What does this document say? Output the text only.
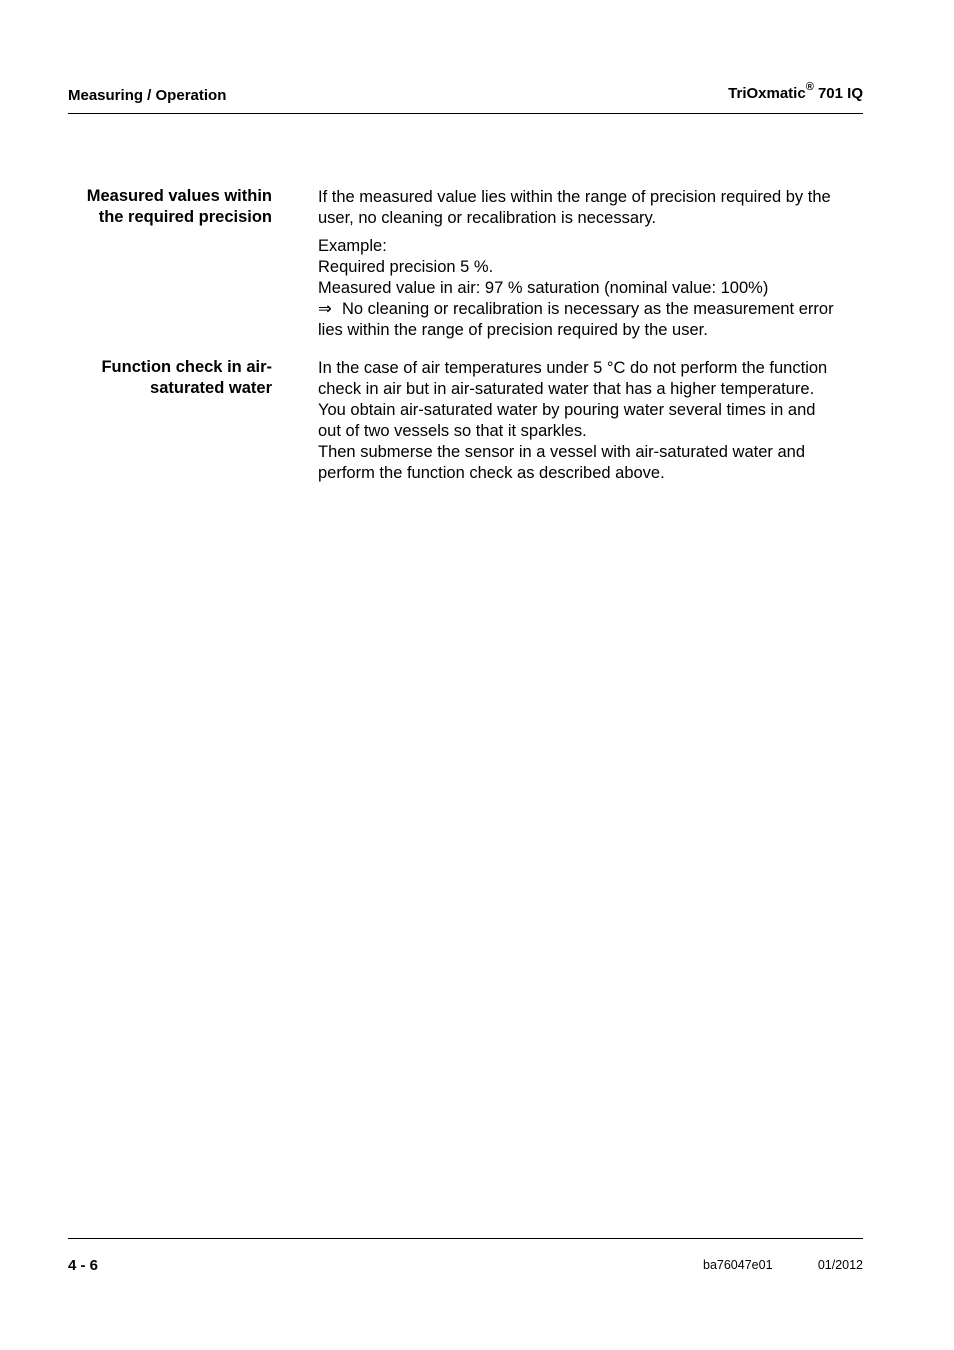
Measuring / Operation	TriOxmatic® 701 IQ
Measured values within
the required precision
If the measured value lies within the range of precision required by the
user, no cleaning or recalibration is necessary.
Example:
Required precision 5 %.
Measured value in air: 97 % saturation (nominal value: 100%)
⇒ No cleaning or recalibration is necessary as the measurement error
lies within the range of precision required by the user.
Function check in air-
saturated water
In the case of air temperatures under 5 °C do not perform the function
check in air but in air-saturated water that has a higher temperature.
You obtain air-saturated water by pouring water several times in and
out of two vessels so that it sparkles.
Then submerse the sensor in a vessel with air-saturated water and
perform the function check as described above.
4 - 6	ba76047e01	01/2012
